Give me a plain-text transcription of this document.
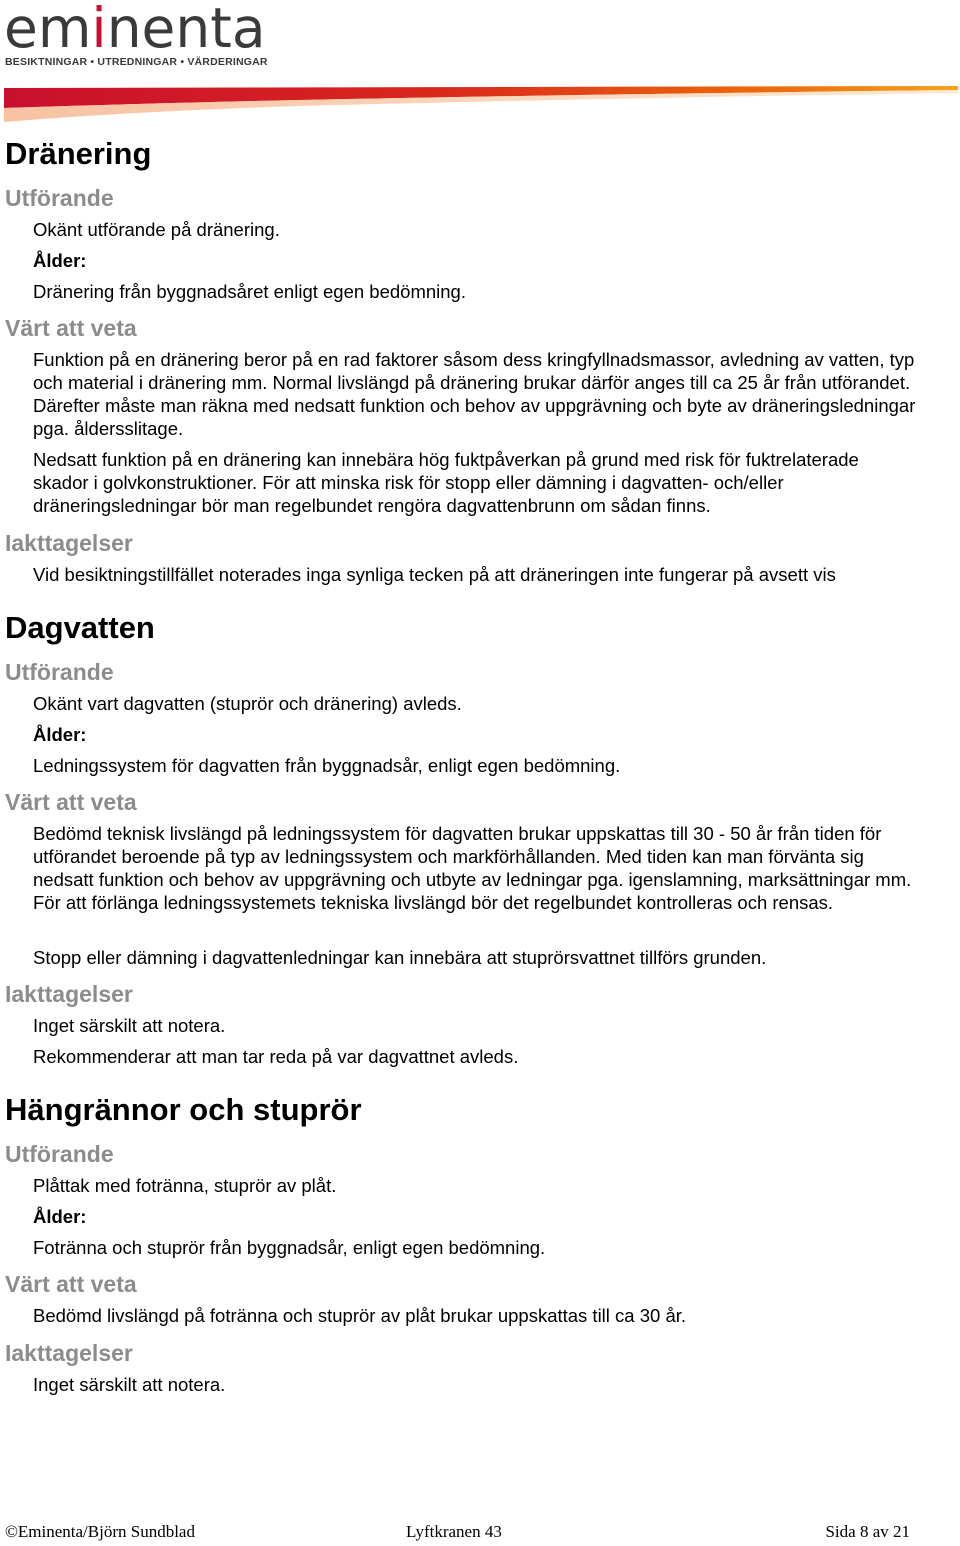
eminenta
BESIKTNINGAR • UTREDNINGAR • VÄRDERINGAR
Dränering
Utförande
Okänt utförande på dränering.
Ålder:
Dränering från byggnadsåret enligt egen bedömning.
Värt att veta
Funktion på en dränering beror på en rad faktorer såsom dess kringfyllnadsmassor, avledning av vatten, typ och material i dränering mm. Normal livslängd på dränering brukar därför anges till ca 25 år från utförandet. Därefter måste man räkna med nedsatt funktion och behov av uppgrävning och byte av dräneringsledningar pga. åldersslitage.
Nedsatt funktion på en dränering kan innebära hög fuktpåverkan på grund med risk för fuktrelaterade skador i golvkonstruktioner. För att minska risk för stopp eller dämning i dagvatten- och/eller dräneringsledningar bör man regelbundet rengöra dagvattenbrunn om sådan finns.
Iakttagelser
Vid besiktningstillfället noterades inga synliga tecken på att dräneringen inte fungerar på avsett vis
Dagvatten
Utförande
Okänt vart dagvatten (stuprör och dränering) avleds.
Ålder:
Ledningssystem för dagvatten från byggnadsår, enligt egen bedömning.
Värt att veta
Bedömd teknisk livslängd på ledningssystem för dagvatten brukar uppskattas till 30 - 50 år från tiden för utförandet beroende på typ av ledningssystem och markförhållanden. Med tiden kan man förvänta sig nedsatt funktion och behov av uppgrävning och utbyte av ledningar pga. igenslamning, marksättningar mm. För att förlänga ledningssystemets tekniska livslängd bör det regelbundet kontrolleras och rensas.
Stopp eller dämning i dagvattenledningar kan innebära att stuprörsvattnet tillförs grunden.
Iakttagelser
Inget särskilt att notera.
Rekommenderar att man tar reda på var dagvattnet avleds.
Hängrännor och stuprör
Utförande
Plåttak med fotränna, stuprör av plåt.
Ålder:
Fotränna och stuprör från byggnadsår, enligt egen bedömning.
Värt att veta
Bedömd livslängd på fotränna och stuprör av plåt brukar uppskattas till ca 30 år.
Iakttagelser
Inget särskilt att notera.
©Eminenta/Björn Sundblad	Lyftkranen 43	Sida 8 av 21
